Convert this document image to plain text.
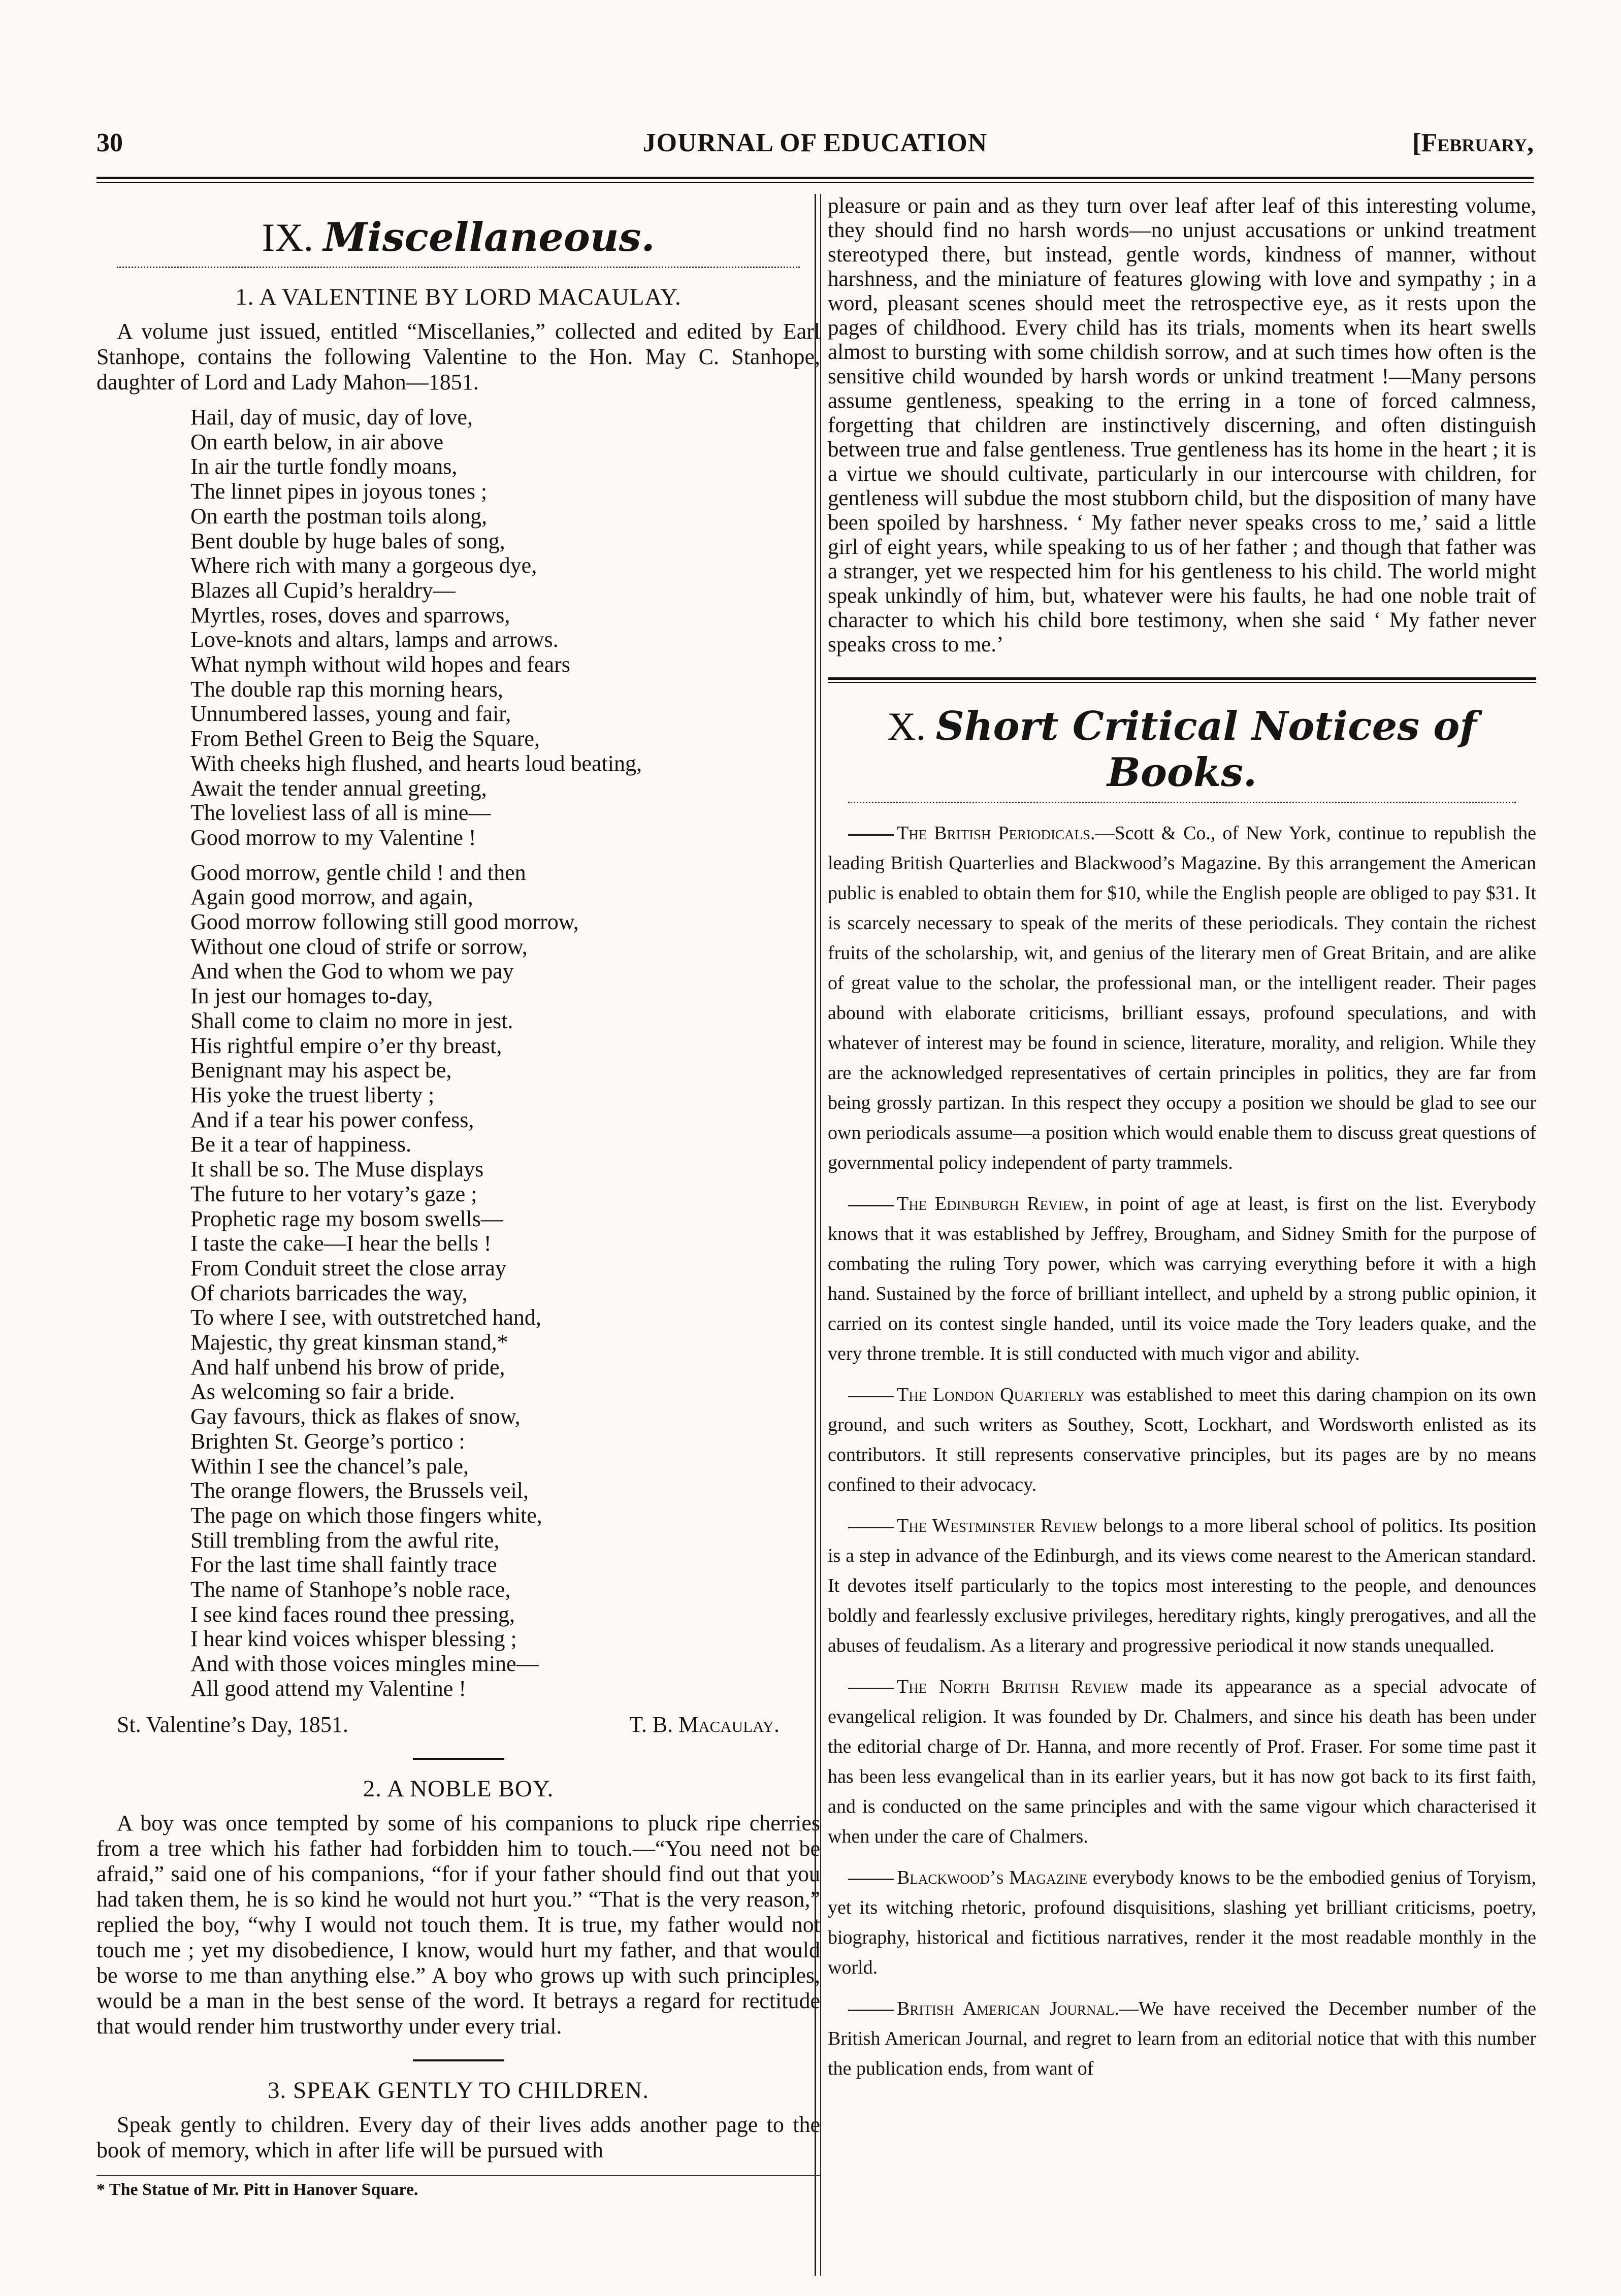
30	JOURNAL OF EDUCATION	[February,
IX. Miscellaneous.
1. A VALENTINE BY LORD MACAULAY.

A volume just issued, entitled “Miscellanies,” collected and edited by Earl Stanhope, contains the following Valentine to the Hon. May C. Stanhope, daughter of Lord and Lady Mahon—1851.

Hail, day of music, day of love,
On earth below, in air above
In air the turtle fondly moans,
The linnet pipes in joyous tones ;
On earth the postman toils along,
Bent double by huge bales of song,
Where rich with many a gorgeous dye,
Blazes all Cupid’s heraldry—
Myrtles, roses, doves and sparrows,
Love-knots and altars, lamps and arrows.
What nymph without wild hopes and fears
The double rap this morning hears,
Unnumbered lasses, young and fair,
From Bethel Green to Beig the Square,
With cheeks high flushed, and hearts loud beating,
Await the tender annual greeting,
The loveliest lass of all is mine—
Good morrow to my Valentine !
Good morrow, gentle child ! and then
Again good morrow, and again,
Good morrow following still good morrow,
Without one cloud of strife or sorrow,
And when the God to whom we pay
In jest our homages to-day,
Shall come to claim no more in jest.
His rightful empire o’er thy breast,
Benignant may his aspect be,
His yoke the truest liberty ;
And if a tear his power confess,
Be it a tear of happiness.
It shall be so. The Muse displays
The future to her votary’s gaze ;
Prophetic rage my bosom swells—
I taste the cake—I hear the bells !
From Conduit street the close array
Of chariots barricades the way,
To where I see, with outstretched hand,
Majestic, thy great kinsman stand,*
And half unbend his brow of pride,
As welcoming so fair a bride.
Gay favours, thick as flakes of snow,
Brighten St. George’s portico :
Within I see the chancel’s pale,
The orange flowers, the Brussels veil,
The page on which those fingers white,
Still trembling from the awful rite,
For the last time shall faintly trace
The name of Stanhope’s noble race,
I see kind faces round thee pressing,
I hear kind voices whisper blessing ;
And with those voices mingles mine—
All good attend my Valentine !
St. Valentine’s Day, 1851.	T. B. Macaulay.
2. A NOBLE BOY.

A boy was once tempted by some of his companions to pluck ripe cherries from a tree which his father had forbidden him to touch.—“You need not be afraid,” said one of his companions, “for if your father should find out that you had taken them, he is so kind he would not hurt you.” “That is the very reason,” replied the boy, “why I would not touch them. It is true, my father would not touch me ; yet my disobedience, I know, would hurt my father, and that would be worse to me than anything else.” A boy who grows up with such principles, would be a man in the best sense of the word. It betrays a regard for rectitude that would render him trustworthy under every trial.

3. SPEAK GENTLY TO CHILDREN.

Speak gently to children. Every day of their lives adds another page to the book of memory, which in after life will be pursued with

* The Statue of Mr. Pitt in Hanover Square.

pleasure or pain and as they turn over leaf after leaf of this interesting volume, they should find no harsh words—no unjust accusations or unkind treatment stereotyped there, but instead, gentle words, kindness of manner, without harshness, and the miniature of features glowing with love and sympathy ; in a word, pleasant scenes should meet the retrospective eye, as it rests upon the pages of childhood. Every child has its trials, moments when its heart swells almost to bursting with some childish sorrow, and at such times how often is the sensitive child wounded by harsh words or unkind treatment !—Many persons assume gentleness, speaking to the erring in a tone of forced calmness, forgetting that children are instinctively discerning, and often distinguish between true and false gentleness. True gentleness has its home in the heart ; it is a virtue we should cultivate, particularly in our intercourse with children, for gentleness will subdue the most stubborn child, but the disposition of many have been spoiled by harshness. ‘ My father never speaks cross to me,’ said a little girl of eight years, while speaking to us of her father ; and though that father was a stranger, yet we respected him for his gentleness to his child. The world might speak unkindly of him, but, whatever were his faults, he had one noble trait of character to which his child bore testimony, when she said ‘ My father never speaks cross to me.’

X. Short Critical Notices of Books.

The British Periodicals.—Scott & Co., of New York, continue to republish the leading British Quarterlies and Blackwood’s Magazine. By this arrangement the American public is enabled to obtain them for $10, while the English people are obliged to pay $31. It is scarcely necessary to speak of the merits of these periodicals. They contain the richest fruits of the scholarship, wit, and genius of the literary men of Great Britain, and are alike of great value to the scholar, the professional man, or the intelligent reader. Their pages abound with elaborate criticisms, brilliant essays, profound speculations, and with whatever of interest may be found in science, literature, morality, and religion. While they are the acknowledged representatives of certain principles in politics, they are far from being grossly partizan. In this respect they occupy a position we should be glad to see our own periodicals assume—a position which would enable them to discuss great questions of governmental policy independent of party trammels.

The Edinburgh Review, in point of age at least, is first on the list. Everybody knows that it was established by Jeffrey, Brougham, and Sidney Smith for the purpose of combating the ruling Tory power, which was carrying everything before it with a high hand. Sustained by the force of brilliant intellect, and upheld by a strong public opinion, it carried on its contest single handed, until its voice made the Tory leaders quake, and the very throne tremble. It is still conducted with much vigor and ability.

The London Quarterly was established to meet this daring champion on its own ground, and such writers as Southey, Scott, Lockhart, and Wordsworth enlisted as its contributors. It still represents conservative principles, but its pages are by no means confined to their advocacy.

The Westminster Review belongs to a more liberal school of politics. Its position is a step in advance of the Edinburgh, and its views come nearest to the American standard. It devotes itself particularly to the topics most interesting to the people, and denounces boldly and fearlessly exclusive privileges, hereditary rights, kingly prerogatives, and all the abuses of feudalism. As a literary and progressive periodical it now stands unequalled.

The North British Review made its appearance as a special advocate of evangelical religion. It was founded by Dr. Chalmers, and since his death has been under the editorial charge of Dr. Hanna, and more recently of Prof. Fraser. For some time past it has been less evangelical than in its earlier years, but it has now got back to its first faith, and is conducted on the same principles and with the same vigour which characterised it when under the care of Chalmers.

Blackwood’s Magazine everybody knows to be the embodied genius of Toryism, yet its witching rhetoric, profound disquisitions, slashing yet brilliant criticisms, poetry, biography, historical and fictitious narratives, render it the most readable monthly in the world.

British American Journal.—We have received the December number of the British American Journal, and regret to learn from an editorial notice that with this number the publication ends, from want of
